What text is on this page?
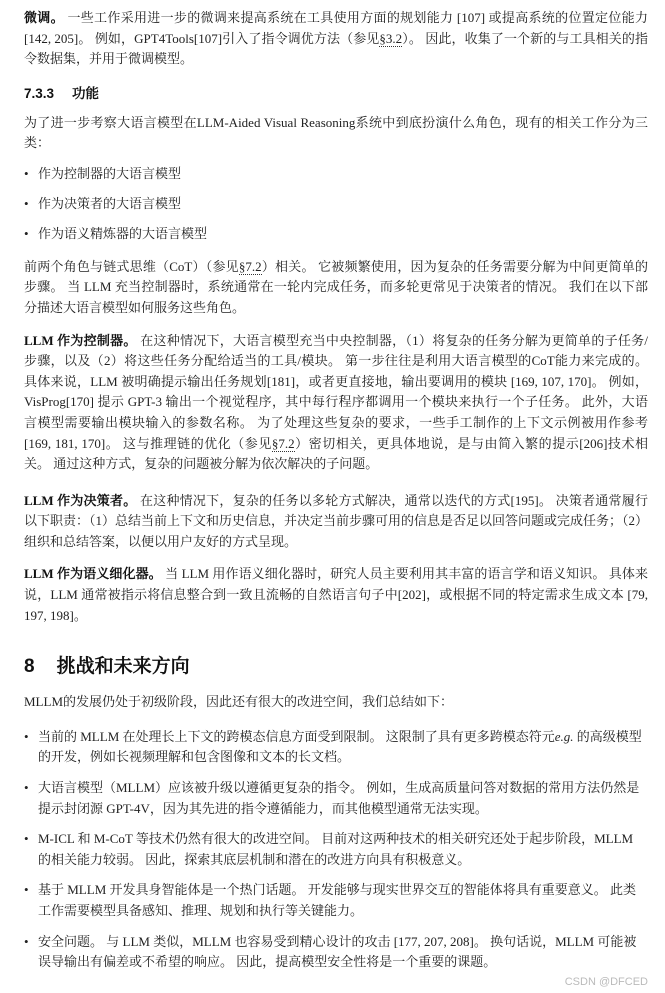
微调。 一些工作采用进一步的微调来提高系统在工具使用方面的规划能力 [107] 或提高系统的位置定位能力 [142, 205]。 例如，GPT4Tools[107]引入了指令调优方法（参见§3.2）。 因此，收集了一个新的与工具相关的指令数据集，并用于微调模型。

7.3.3 功能

为了进一步考察大语言模型在LLM-Aided Visual Reasoning系统中到底扮演什么角色，现有的相关工作分为三类：

• 作为控制器的大语言模型
• 作为决策者的大语言模型
• 作为语义精炼器的大语言模型

前两个角色与链式思维（CoT）（参见§7.2）相关。 它被频繁使用，因为复杂的任务需要分解为中间更简单的步骤。 当 LLM 充当控制器时，系统通常在一轮内完成任务，而多轮更常见于决策者的情况。 我们在以下部分描述大语言模型如何服务这些角色。

LLM 作为控制器。 在这种情况下，大语言模型充当中央控制器，（1）将复杂的任务分解为更简单的子任务/步骤，以及（2）将这些任务分配给适当的工具/模块。 第一步往往是利用大语言模型的CoT能力来完成的。 具体来说，LLM 被明确提示输出任务规划[181]，或者更直接地，输出要调用的模块 [169, 107, 170]。 例如，VisProg[170] 提示 GPT-3 输出一个视觉程序，其中每行程序都调用一个模块来执行一个子任务。 此外，大语言模型需要输出模块输入的参数名称。 为了处理这些复杂的要求，一些手工制作的上下文示例被用作参考[169, 181, 170]。 这与推理链的优化（参见§7.2）密切相关，更具体地说，是与由简入繁的提示[206]技术相关。 通过这种方式，复杂的问题被分解为依次解决的子问题。

LLM 作为决策者。 在这种情况下，复杂的任务以多轮方式解决，通常以迭代的方式[195]。 决策者通常履行以下职责：（1）总结当前上下文和历史信息，并决定当前步骤可用的信息是否足以回答问题或完成任务；（2）组织和总结答案，以便以用户友好的方式呈现。

LLM 作为语义细化器。 当 LLM 用作语义细化器时，研究人员主要利用其丰富的语言学和语义知识。 具体来说，LLM 通常被指示将信息整合到一致且流畅的自然语言句子中[202]，或根据不同的特定需求生成文本 [79, 197, 198]。

8 挑战和未来方向

MLLM的发展仍处于初级阶段，因此还有很大的改进空间，我们总结如下：

• 当前的 MLLM 在处理长上下文的跨模态信息方面受到限制。 这限制了具有更多跨模态符元e.g. 的高级模型的开发，例如长视频理解和包含图像和文本的长文档。
• 大语言模型（MLLM）应该被升级以遵循更复杂的指令。 例如，生成高质量问答对数据的常用方法仍然是提示封闭源 GPT-4V，因为其先进的指令遵循能力，而其他模型通常无法实现。
• M-ICL 和 M-CoT 等技术仍然有很大的改进空间。 目前对这两种技术的相关研究还处于起步阶段，MLLM 的相关能力较弱。 因此，探索其底层机制和潜在的改进方向具有积极意义。
• 基于 MLLM 开发具身智能体是一个热门话题。 开发能够与现实世界交互的智能体将具有重要意义。 此类工作需要模型具备感知、推理、规划和执行等关键能力。
• 安全问题。 与 LLM 类似，MLLM 也容易受到精心设计的攻击 [177, 207, 208]。 换句话说，MLLM 可能被误导输出有偏差或不希望的响应。 因此，提高模型安全性将是一个重要的课题。
CSDN @DFCED
